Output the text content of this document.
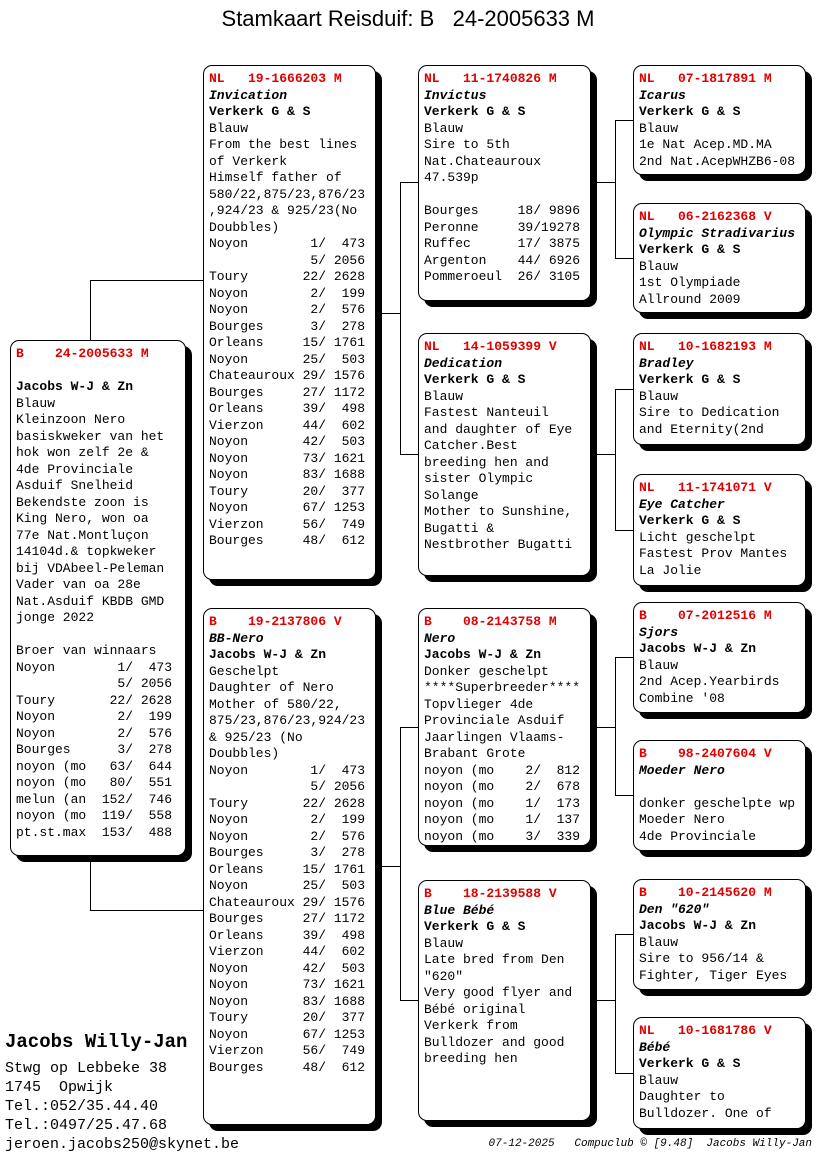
Stamkaart Reisduif: B   24-2005633 M
B    24-2005633 M

Jacobs W-J & Zn
Blauw
Kleinzoon Nero
basiskweker van het
hok won zelf 2e &
4de Provinciale
Asduif Snelheid
Bekendste zoon is
King Nero, won oa
77e Nat.Montluçon
14104d.& topkweker
bij VDAbeel-Peleman
Vader van oa 28e
Nat.Asduif KBDB GMD
jonge 2022

Broer van winnaars
Noyon        1/  473
5/ 2056
Toury       22/ 2628
Noyon        2/  199
Noyon        2/  576
Bourges      3/  278
noyon (mo   63/  644
noyon (mo   80/  551
melun (an  152/  746
noyon (mo  119/  558
pt.st.max  153/  488
NL   19-1666203 M
Invication
Verkerk G & S
Blauw
From the best lines
of Verkerk
Himself father of
580/22,875/23,876/23
,924/23 & 925/23(No
Doubbles)
Noyon        1/  473
5/ 2056
Toury       22/ 2628
Noyon        2/  199
Noyon        2/  576
Bourges      3/  278
Orleans     15/ 1761
Noyon       25/  503
Chateauroux 29/ 1576
Bourges     27/ 1172
Orleans     39/  498
Vierzon     44/  602
Noyon       42/  503
Noyon       73/ 1621
Noyon       83/ 1688
Toury       20/  377
Noyon       67/ 1253
Vierzon     56/  749
Bourges     48/  612
B    19-2137806 V
BB-Nero
Jacobs W-J & Zn
Geschelpt
Daughter of Nero
Mother of 580/22,
875/23,876/23,924/23
& 925/23 (No
Doubbles)
Noyon        1/  473
5/ 2056
Toury       22/ 2628
Noyon        2/  199
Noyon        2/  576
Bourges      3/  278
Orleans     15/ 1761
Noyon       25/  503
Chateauroux 29/ 1576
Bourges     27/ 1172
Orleans     39/  498
Vierzon     44/  602
Noyon       42/  503
Noyon       73/ 1621
Noyon       83/ 1688
Toury       20/  377
Noyon       67/ 1253
Vierzon     56/  749
Bourges     48/  612
NL   11-1740826 M
Invictus
Verkerk G & S
Blauw
Sire to 5th
Nat.Chateauroux
47.539p

Bourges     18/ 9896
Peronne     39/19278
Ruffec      17/ 3875
Argenton    44/ 6926
Pommeroeul  26/ 3105
NL   14-1059399 V
Dedication
Verkerk G & S
Blauw
Fastest Nanteuil
and daughter of Eye
Catcher.Best
breeding hen and
sister Olympic
Solange
Mother to Sunshine,
Bugatti &
Nestbrother Bugatti
B    08-2143758 M
Nero
Jacobs W-J & Zn
Donker geschelpt
****Superbreeder****
Topvlieger 4de
Provinciale Asduif
Jaarlingen Vlaams-
Brabant Grote
noyon (mo    2/  812
noyon (mo    2/  678
noyon (mo    1/  173
noyon (mo    1/  137
noyon (mo    3/  339
B    18-2139588 V
Blue Bébé
Verkerk G & S
Blauw
Late bred from Den
"620"
Very good flyer and
Bébé original
Verkerk from
Bulldozer and good
breeding hen
NL   07-1817891 M
Icarus
Verkerk G & S
Blauw
1e Nat Acep.MD.MA
2nd Nat.AcepWHZB6-08
NL   06-2162368 V
Olympic Stradivarius
Verkerk G & S
Blauw
1st Olympiade
Allround 2009
NL   10-1682193 M
Bradley
Verkerk G & S
Blauw
Sire to Dedication
and Eternity(2nd
NL   11-1741071 V
Eye Catcher
Verkerk G & S
Licht geschelpt
Fastest Prov Mantes
La Jolie
B    07-2012516 M
Sjors
Jacobs W-J & Zn
Blauw
2nd Acep.Yearbirds
Combine '08
B    98-2407604 V
Moeder Nero

donker geschelpte wp
Moeder Nero
4de Provinciale
B    10-2145620 M
Den "620"
Jacobs W-J & Zn
Blauw
Sire to 956/14 &
Fighter, Tiger Eyes
NL   10-1681786 V
Bébé
Verkerk G & S
Blauw
Daughter to
Bulldozer. One of
Jacobs Willy-Jan
Stwg op Lebbeke 38
1745  Opwijk
Tel.:052/35.44.40
Tel.:0497/25.47.68
jeroen.jacobs250@skynet.be	07-12-2025   Compuclub © [9.48]  Jacobs Willy-Jan
